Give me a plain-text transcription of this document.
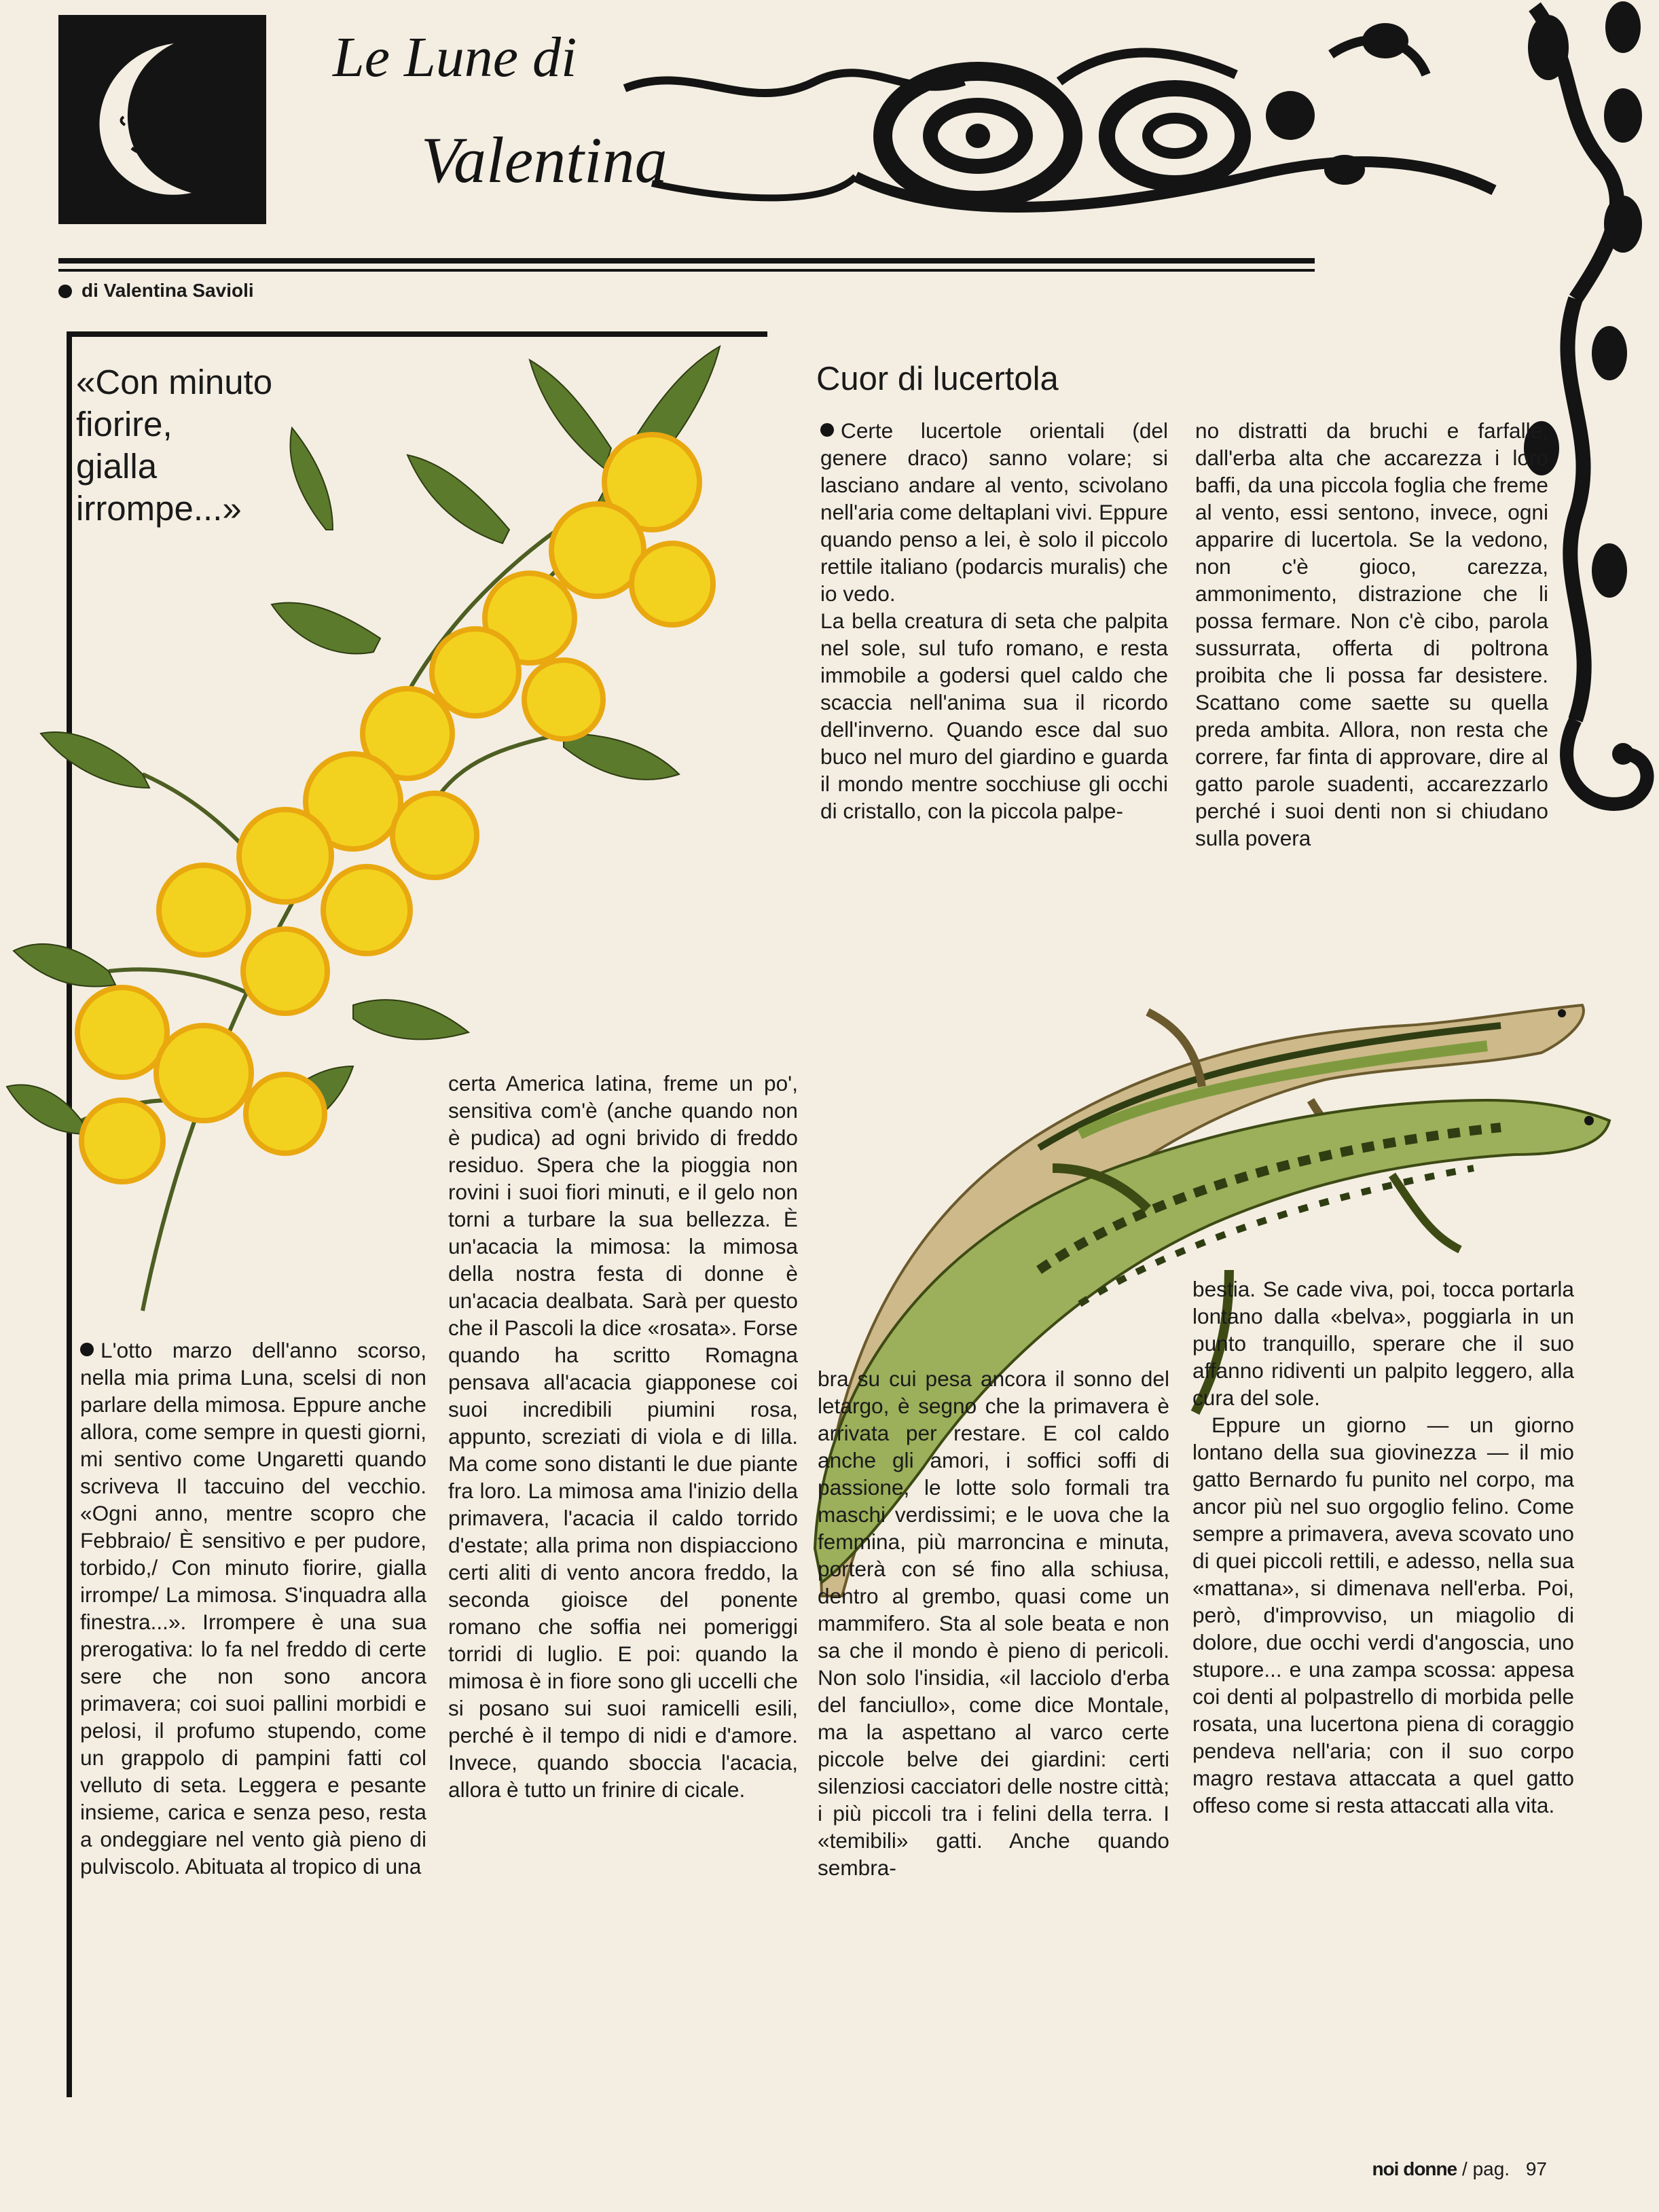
Le Lune di
Valentina
di Valentina Savioli
«Con minuto
fiorire,
gialla
irrompe...»
Cuor di lucertola

L'otto marzo dell'anno scorso, nella mia prima Luna, scelsi di non parlare della mimosa. Eppure anche allora, come sempre in questi giorni, mi sentivo come Ungaretti quando scriveva Il taccuino del vecchio. «Ogni anno, mentre scopro che Febbraio/ È sensitivo e per pudore, torbido,/ Con minuto fiorire, gialla irrompe/ La mimosa. S'inquadra alla finestra...». Irrompere è una sua prerogativa: lo fa nel freddo di certe sere che non sono ancora primavera; coi suoi pallini morbidi e pelosi, il profumo stupendo, come un grappolo di pampini fatti col velluto di seta. Leggera e pesante insieme, carica e senza peso, resta a ondeggiare nel vento già pieno di pulviscolo. Abituata al tropico di una

certa America latina, freme un po', sensitiva com'è (anche quando non è pudica) ad ogni brivido di freddo residuo. Spera che la pioggia non rovini i suoi fiori minuti, e il gelo non torni a turbare la sua bellezza. È un'acacia la mimosa: la mimosa della nostra festa di donne è un'acacia dealbata. Sarà per questo che il Pascoli la dice «rosata». Forse quando ha scritto Romagna pensava all'acacia giapponese coi suoi incredibili piumini rosa, appunto, screziati di viola e di lilla. Ma come sono distanti le due piante fra loro. La mimosa ama l'inizio della primavera, l'acacia il caldo torrido d'estate; alla prima non dispiacciono certi aliti di vento ancora freddo, la seconda gioisce del ponente romano che soffia nei pomeriggi torridi di luglio. E poi: quando la mimosa è in fiore sono gli uccelli che si posano sui suoi ramicelli esili, perché è il tempo di nidi e d'amore. Invece, quando sboccia l'acacia, allora è tutto un frinire di cicale.

Certe lucertole orientali (del genere draco) sanno volare; si lasciano andare al vento, scivolano nell'aria come deltaplani vivi. Eppure quando penso a lei, è solo il piccolo rettile italiano (podarcis muralis) che io vedo.

La bella creatura di seta che palpita nel sole, sul tufo romano, e resta immobile a godersi quel caldo che scaccia nell'anima sua il ricordo dell'inverno. Quando esce dal suo buco nel muro del giardino e guarda il mondo mentre socchiuse gli occhi di cristallo, con la piccola palpe-

bra su cui pesa ancora il sonno del letargo, è segno che la primavera è arrivata per restare. E col caldo anche gli amori, i soffici soffi di passione, le lotte solo formali tra maschi verdissimi; e le uova che la femmina, più marroncina e minuta, porterà con sé fino alla schiusa, dentro al grembo, quasi come un mammifero. Sta al sole beata e non sa che il mondo è pieno di pericoli. Non solo l'insidia, «il lacciolo d'erba del fanciullo», come dice Montale, ma la aspettano al varco certe piccole belve dei giardini: certi silenziosi cacciatori delle nostre città; i più piccoli tra i felini della terra. I «temibili» gatti. Anche quando sembra-

no distratti da bruchi e farfalle, dall'erba alta che accarezza i loro baffi, da una piccola foglia che freme al vento, essi sentono, invece, ogni apparire di lucertola. Se la vedono, non c'è gioco, carezza, ammonimento, distrazione che li possa fermare. Non c'è cibo, parola sussurrata, offerta di poltrona proibita che li possa far desistere. Scattano come saette su quella preda ambita. Allora, non resta che correre, far finta di approvare, dire al gatto parole suadenti, accarezzarlo perché i suoi denti non si chiudano sulla povera

bestia. Se cade viva, poi, tocca portarla lontano dalla «belva», poggiarla in un punto tranquillo, sperare che il suo affanno ridiventi un palpito leggero, alla cura del sole.

Eppure un giorno — un giorno lontano della sua giovinezza — il mio gatto Bernardo fu punito nel corpo, ma ancor più nel suo orgoglio felino. Come sempre a primavera, aveva scovato uno di quei piccoli rettili, e adesso, nella sua «mattana», si dimenava nell'erba. Poi, però, d'improvviso, un miagolio di dolore, due occhi verdi d'angoscia, uno stupore... e una zampa scossa: appesa coi denti al polpastrello di morbida pelle rosata, una lucertona piena di coraggio pendeva nell'aria; con il suo corpo magro restava attaccata a quel gatto offeso come si resta attaccati alla vita.

noi donne / pag. 97
